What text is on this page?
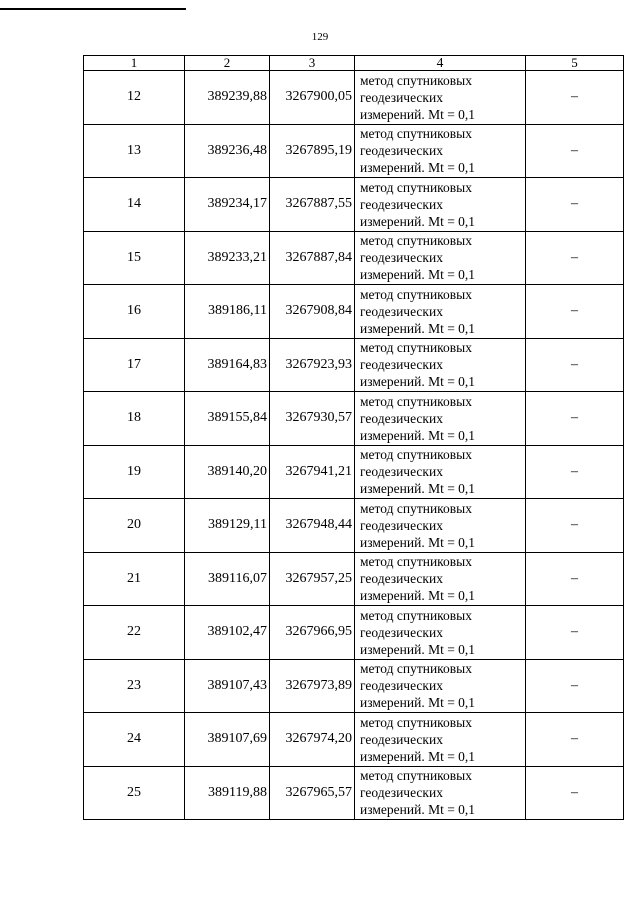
129
1	2	3	4	5
12	389239,88	3267900,05	метод спутниковых
геодезических
измерений. Mt = 0,1	–
13	389236,48	3267895,19	метод спутниковых
геодезических
измерений. Mt = 0,1	–
14	389234,17	3267887,55	метод спутниковых
геодезических
измерений. Mt = 0,1	–
15	389233,21	3267887,84	метод спутниковых
геодезических
измерений. Mt = 0,1	–
16	389186,11	3267908,84	метод спутниковых
геодезических
измерений. Mt = 0,1	–
17	389164,83	3267923,93	метод спутниковых
геодезических
измерений. Mt = 0,1	–
18	389155,84	3267930,57	метод спутниковых
геодезических
измерений. Mt = 0,1	–
19	389140,20	3267941,21	метод спутниковых
геодезических
измерений. Mt = 0,1	–
20	389129,11	3267948,44	метод спутниковых
геодезических
измерений. Mt = 0,1	–
21	389116,07	3267957,25	метод спутниковых
геодезических
измерений. Mt = 0,1	–
22	389102,47	3267966,95	метод спутниковых
геодезических
измерений. Mt = 0,1	–
23	389107,43	3267973,89	метод спутниковых
геодезических
измерений. Mt = 0,1	–
24	389107,69	3267974,20	метод спутниковых
геодезических
измерений. Mt = 0,1	–
25	389119,88	3267965,57	метод спутниковых
геодезических
измерений. Mt = 0,1	–
